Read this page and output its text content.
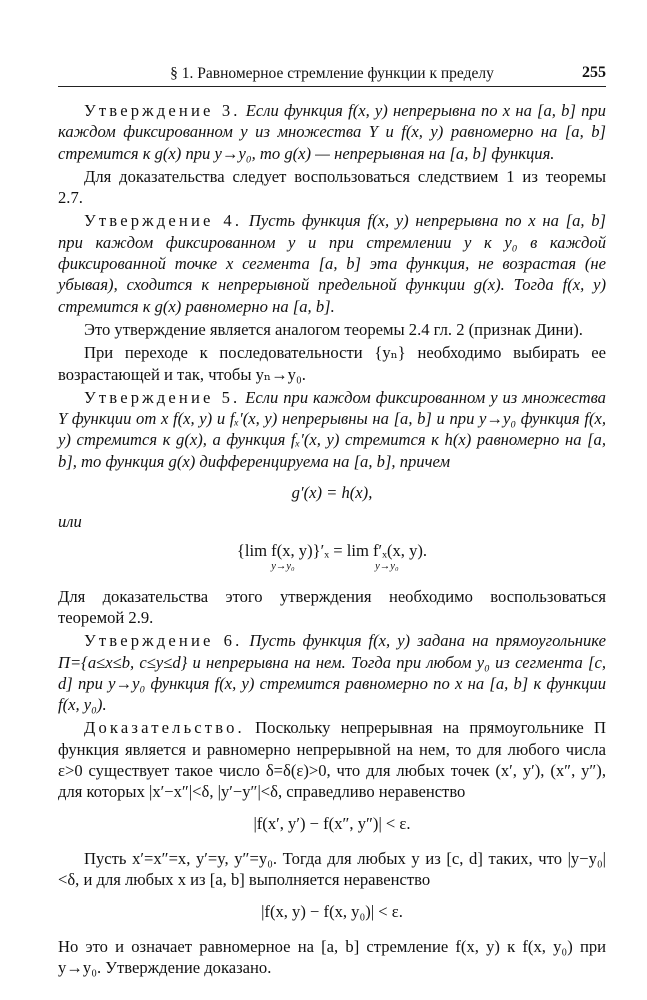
§ 1. Равномерное стремление функции к пределу	255

Утверждение 3. Если функция f(x, y) непрерывна по x на [a, b] при каждом фиксированном y из множества Y и f(x, y) равномерно на [a, b] стремится к g(x) при y→y₀, то g(x) — непрерывная на [a, b] функция.

Для доказательства следует воспользоваться следствием 1 из теоремы 2.7.

Утверждение 4. Пусть функция f(x, y) непрерывна по x на [a, b] при каждом фиксированном y и при стремлении y к y₀ в каждой фиксированной точке x сегмента [a, b] эта функция, не возрастая (не убывая), сходится к непрерывной предельной функции g(x). Тогда f(x, y) стремится к g(x) равномерно на [a, b].

Это утверждение является аналогом теоремы 2.4 гл. 2 (признак Дини).

При переходе к последовательности {yₙ} необходимо выбирать ее возрастающей и так, чтобы yₙ→y₀.

Утверждение 5. Если при каждом фиксированном y из множества Y функции от x f(x, y) и fₓ′(x, y) непрерывны на [a, b] и при y→y₀ функция f(x, y) стремится к g(x), а функция fₓ′(x, y) стремится к h(x) равномерно на [a, b], то функция g(x) дифференцируема на [a, b], причем

g′(x) = h(x),

или

{lim f(x, y)}′ₓ
y→y₀
= lim f′ₓ(x, y).
y→y₀

Для доказательства этого утверждения необходимо воспользоваться теоремой 2.9.

Утверждение 6. Пусть функция f(x, y) задана на прямоугольнике Π={a≤x≤b, c≤y≤d} и непрерывна на нем. Тогда при любом y₀ из сегмента [c, d] при y→y₀ функция f(x, y) стремится равномерно по x на [a, b] к функции f(x, y₀).

Доказательство. Поскольку непрерывная на прямоугольнике Π функция является и равномерно непрерывной на нем, то для любого числа ε>0 существует такое число δ=δ(ε)>0, что для любых точек (x′, y′), (x″, y″), для которых |x′−x″|<δ, |y′−y″|<δ, справедливо неравенство

|f(x′, y′) − f(x″, y″)| < ε.

Пусть x′=x″=x, y′=y, y″=y₀. Тогда для любых y из [c, d] таких, что |y−y₀|<δ, и для любых x из [a, b] выполняется неравенство

|f(x, y) − f(x, y₀)| < ε.

Но это и означает равномерное на [a, b] стремление f(x, y) к f(x, y₀) при y→y₀. Утверждение доказано.
